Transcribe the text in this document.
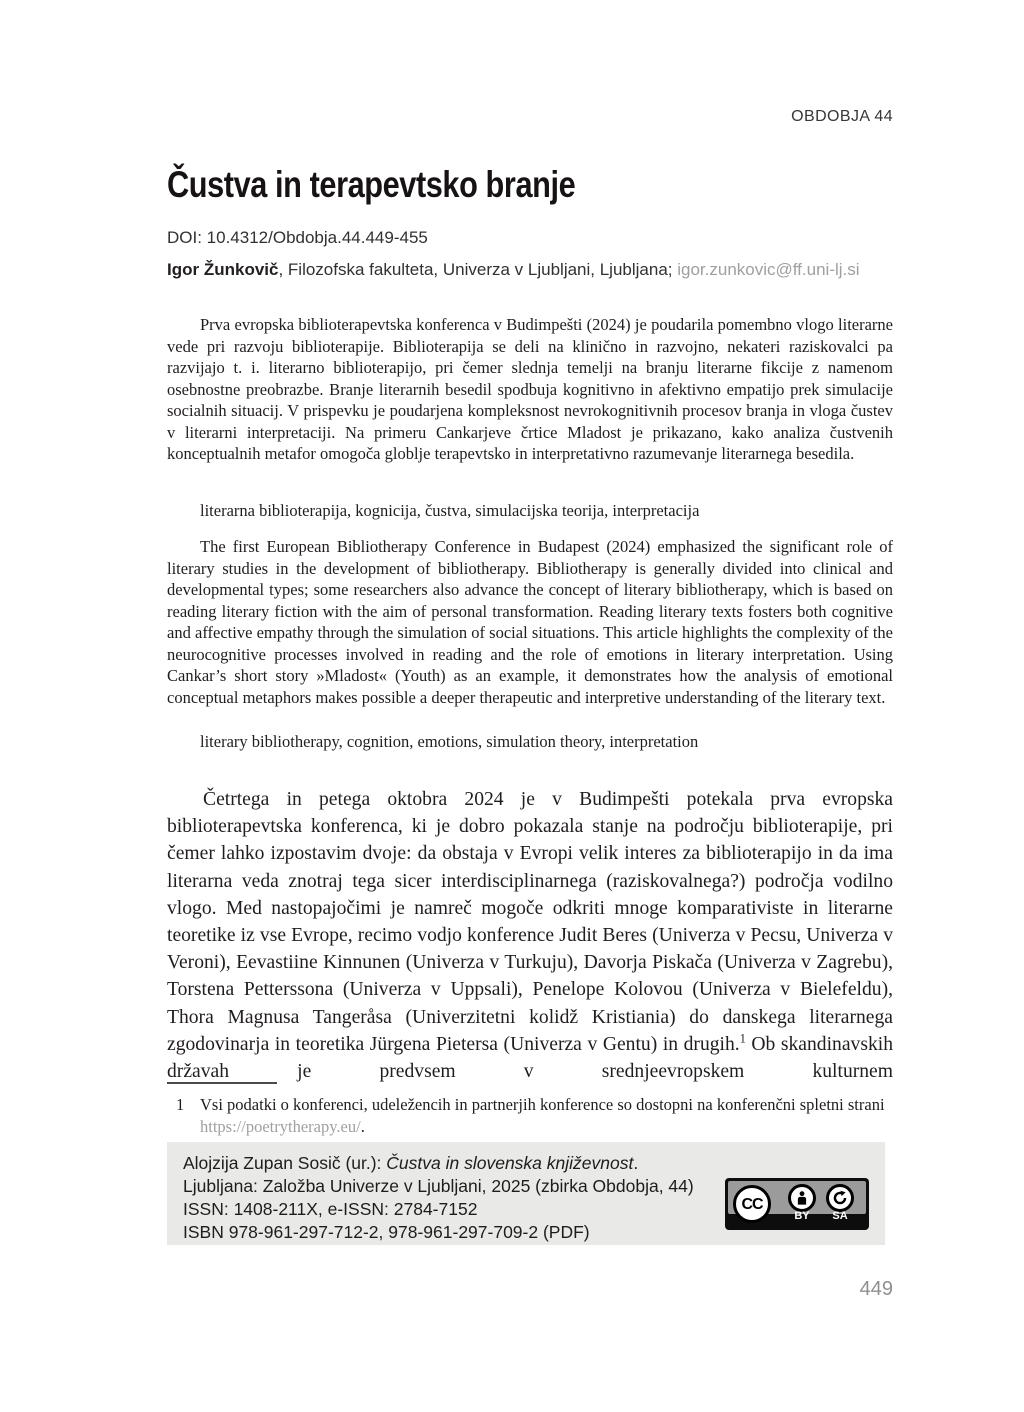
OBDOBJA 44
Čustva in terapevtsko branje
DOI: 10.4312/Obdobja.44.449-455
Igor Žunkovič, Filozofska fakulteta, Univerza v Ljubljani, Ljubljana; igor.zunkovic@ff.uni-lj.si

Prva evropska biblioterapevtska konferenca v Budimpešti (2024) je poudarila pomembno vlogo literarne vede pri razvoju biblioterapije. Biblioterapija se deli na klinično in razvojno, nekateri raziskovalci pa razvijajo t. i. literarno biblioterapijo, pri čemer slednja temelji na branju literarne fikcije z namenom osebnostne preobrazbe. Branje literarnih besedil spodbuja kognitivno in afektivno empatijo prek simulacije socialnih situacij. V prispevku je poudarjena kompleksnost nevrokognitivnih procesov branja in vloga čustev v literarni interpretaciji. Na primeru Cankarjeve črtice Mladost je prikazano, kako analiza čustvenih konceptualnih metafor omogoča globlje terapevtsko in interpretativno razumevanje literarnega besedila.

literarna biblioterapija, kognicija, čustva, simulacijska teorija, interpretacija

The first European Bibliotherapy Conference in Budapest (2024) emphasized the significant role of literary studies in the development of bibliotherapy. Bibliotherapy is generally divided into clinical and developmental types; some researchers also advance the concept of literary bibliotherapy, which is based on reading literary fiction with the aim of personal transformation. Reading literary texts fosters both cognitive and affective empathy through the simulation of social situations. This article highlights the complexity of the neurocognitive processes involved in reading and the role of emotions in literary interpretation. Using Cankar’s short story »Mladost« (Youth) as an example, it demonstrates how the analysis of emotional conceptual metaphors makes possible a deeper therapeutic and interpretive understanding of the literary text.

literary bibliotherapy, cognition, emotions, simulation theory, interpretation

Četrtega in petega oktobra 2024 je v Budimpešti potekala prva evropska biblioterapevtska konferenca, ki je dobro pokazala stanje na področju biblioterapije, pri čemer lahko izpostavim dvoje: da obstaja v Evropi velik interes za biblioterapijo in da ima literarna veda znotraj tega sicer interdisciplinarnega (raziskovalnega?) področja vodilno vlogo. Med nastopajočimi je namreč mogoče odkriti mnoge komparativiste in literarne teoretike iz vse Evrope, recimo vodjo konference Judit Beres (Univerza v Pecsu, Univerza v Veroni), Eevastiine Kinnunen (Univerza v Turkuju), Davorja Piskača (Univerza v Zagrebu), Torstena Petterssona (Univerza v Uppsali), Penelope Kolovou (Univerza v Bielefeldu), Thora Magnusa Tangeråsa (Univerzitetni kolidž Kristiania) do danskega literarnega zgodovinarja in teoretika Jürgena Pietersa (Univerza v Gentu) in drugih.$^1$ Ob skandinavskih državah je predvsem v srednjeevropskem kulturnem

1 Vsi podatki o konferenci, udeležencih in partnerjih konference so dostopni na konferenčni spletni strani https://poetrytherapy.eu/.
Alojzija Zupan Sosič (ur.): Čustva in slovenska književnost.
Ljubljana: Založba Univerze v Ljubljani, 2025 (zbirka Obdobja, 44)
ISSN: 1408-211X, e-ISSN: 2784-7152
ISBN 978-961-297-712-2, 978-961-297-709-2 (PDF)
CC
BY	SA
449
